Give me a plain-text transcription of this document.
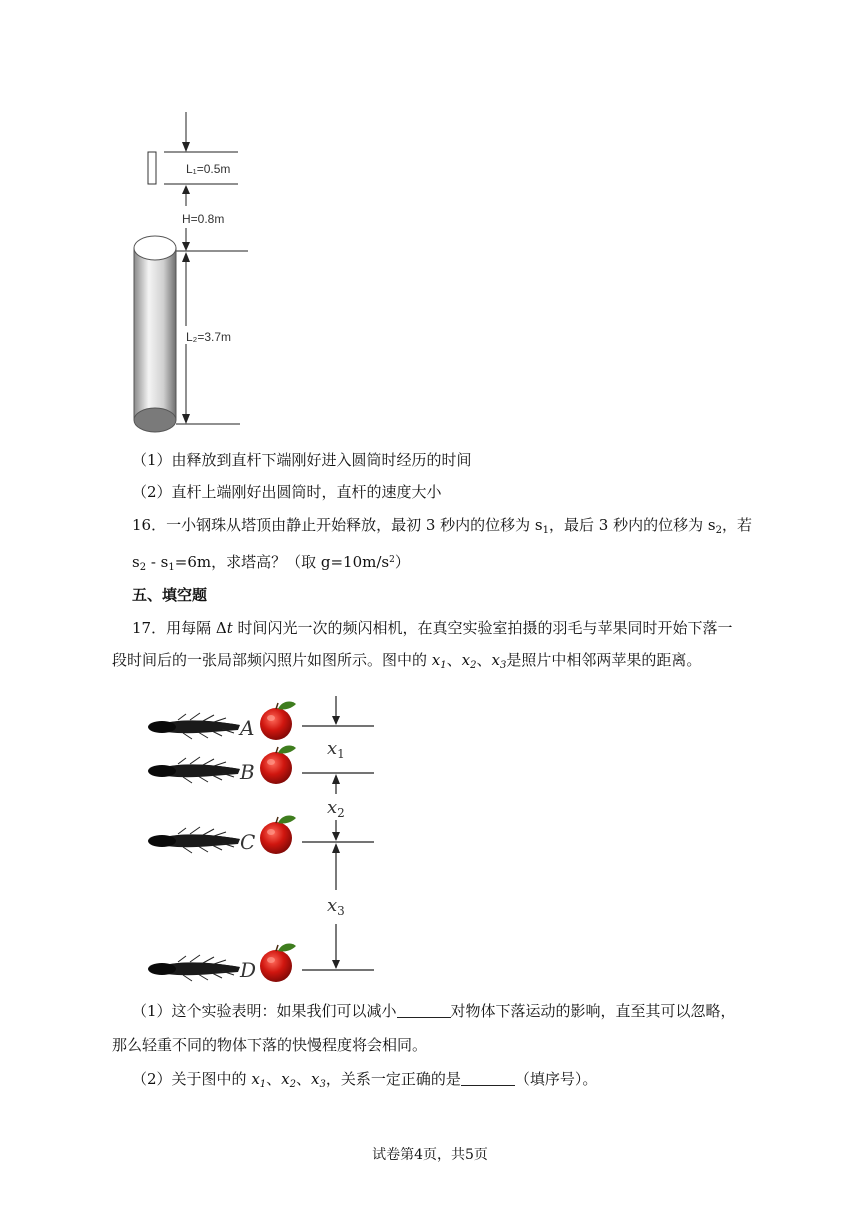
L₁=0.5m
H=0.8m
L₂=3.7m
（1）由释放到直杆下端刚好进入圆筒时经历的时间
（2）直杆上端刚好出圆筒时，直杆的速度大小
16．一小钢珠从塔顶由静止开始释放，最初 3 秒内的位移为 $s_1$，最后 3 秒内的位移为 $s_2$，若
$s_2 - s_1=6m$，求塔高？（取 $g=10m/s^2$）
五、填空题
17．用每隔 Δt 时间闪光一次的频闪相机，在真空实验室拍摄的羽毛与苹果同时开始下落一
段时间后的一张局部频闪照片如图所示。图中的 $x_1$、$x_2$、$x_3$是照片中相邻两苹果的距离。
A
B
C
D
$x_1$
$x_2$
$x_3$
（1）这个实验表明：如果我们可以减小	对物体下落运动的影响，直至其可以忽略，
那么轻重不同的物体下落的快慢程度将会相同。
（2）关于图中的 $x_1$、$x_2$、$x_3$，关系一定正确的是	（填序号）。
试卷第4页，共5页
